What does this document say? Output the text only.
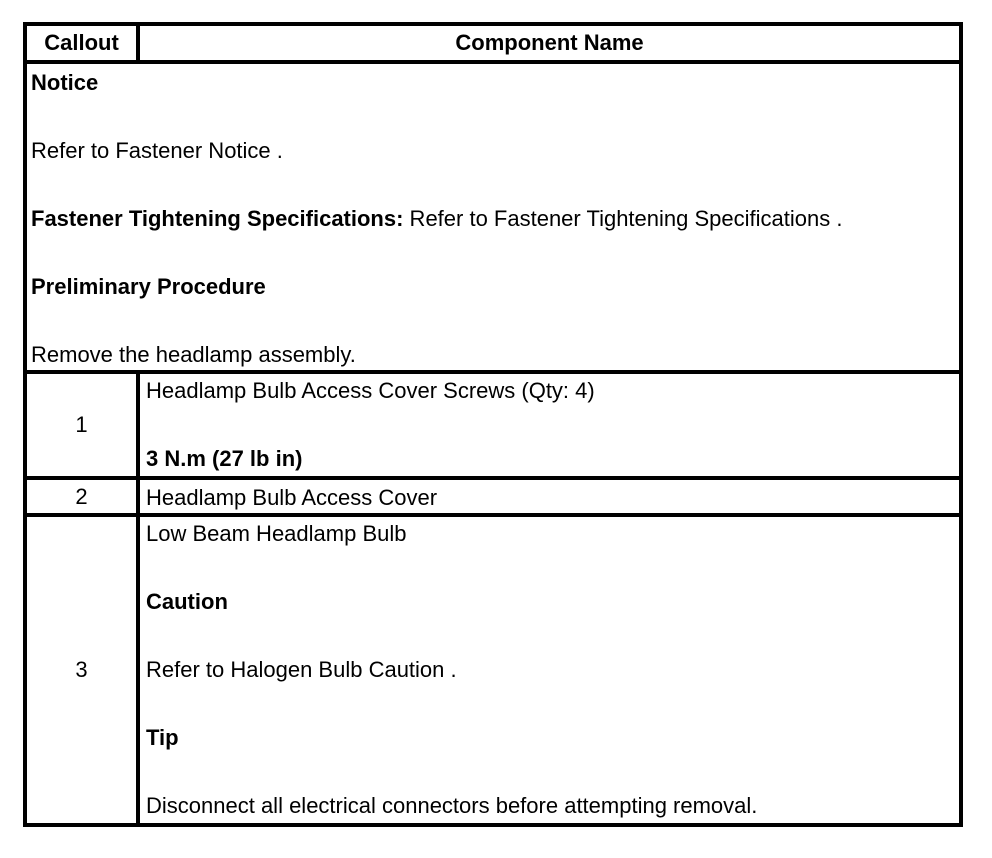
Callout	Component Name

Notice

Refer to Fastener Notice .

Fastener Tightening Specifications: Refer to Fastener Tightening Specifications .

Preliminary Procedure

Remove the headlamp assembly.	

1	Headlamp Bulb Access Cover Screws (Qty: 4)

3 N.m (27 lb in)

2	Headlamp Bulb Access Cover

3	Low Beam Headlamp Bulb

Caution

Refer to Halogen Bulb Caution .

Tip

Disconnect all electrical connectors before attempting removal.
